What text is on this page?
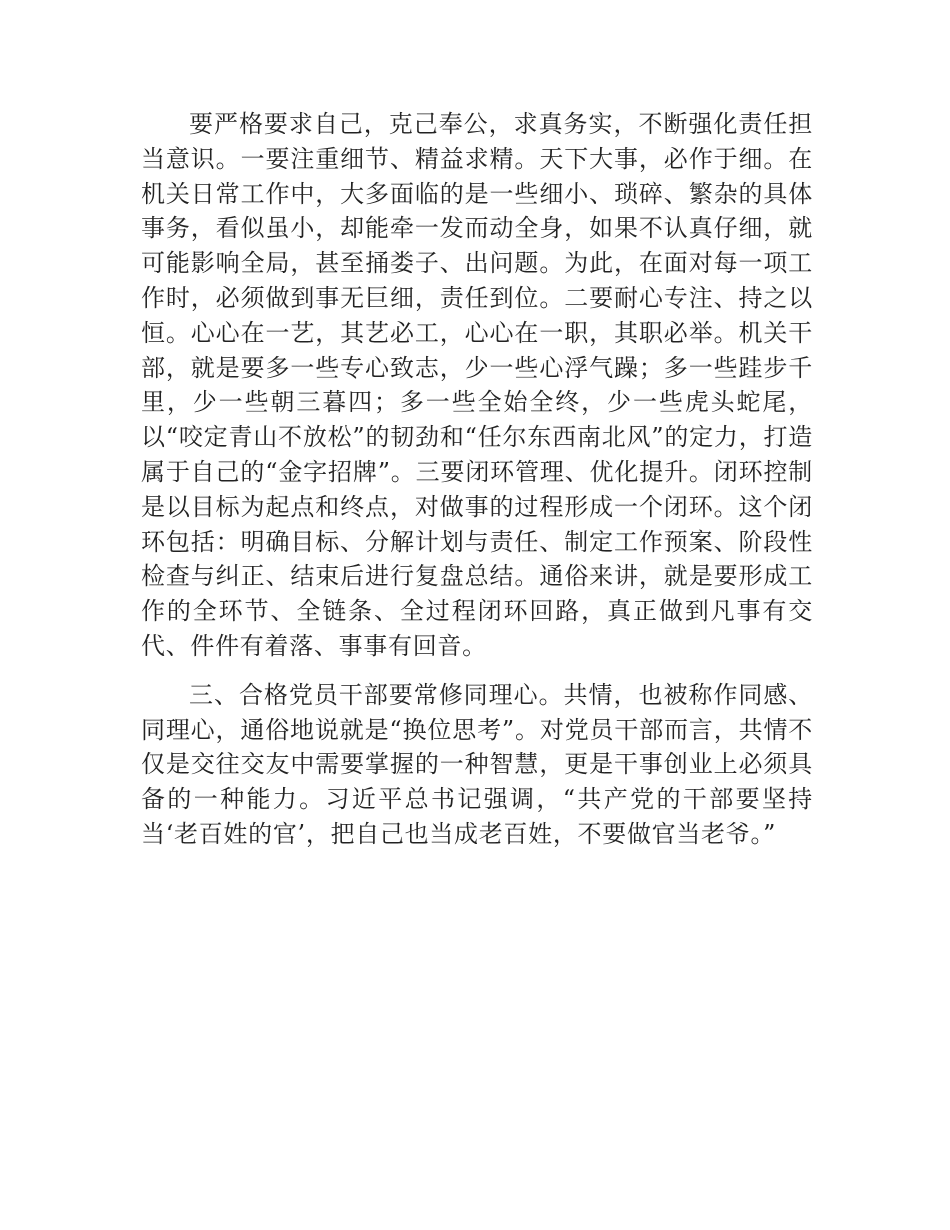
要严格要求自己，克己奉公，求真务实，不断强化责任担当意识。一要注重细节、精益求精。天下大事，必作于细。在机关日常工作中，大多面临的是一些细小、琐碎、繁杂的具体事务，看似虽小，却能牵一发而动全身，如果不认真仔细，就可能影响全局，甚至捅娄子、出问题。为此，在面对每一项工作时，必须做到事无巨细，责任到位。二要耐心专注、持之以恒。心心在一艺，其艺必工，心心在一职，其职必举。机关干部，就是要多一些专心致志，少一些心浮气躁；多一些跬步千里，少一些朝三暮四；多一些全始全终，少一些虎头蛇尾，以“咬定青山不放松”的韧劲和“任尔东西南北风”的定力，打造属于自己的“金字招牌”。三要闭环管理、优化提升。闭环控制是以目标为起点和终点，对做事的过程形成一个闭环。这个闭环包括：明确目标、分解计划与责任、制定工作预案、阶段性检查与纠正、结束后进行复盘总结。通俗来讲，就是要形成工作的全环节、全链条、全过程闭环回路，真正做到凡事有交代、件件有着落、事事有回音。

三、合格党员干部要常修同理心。共情，也被称作同感、同理心，通俗地说就是“换位思考”。对党员干部而言，共情不仅是交往交友中需要掌握的一种智慧，更是干事创业上必须具备的一种能力。习近平总书记强调，“共产党的干部要坚持当‘老百姓的官’，把自己也当成老百姓，不要做官当老爷。”
